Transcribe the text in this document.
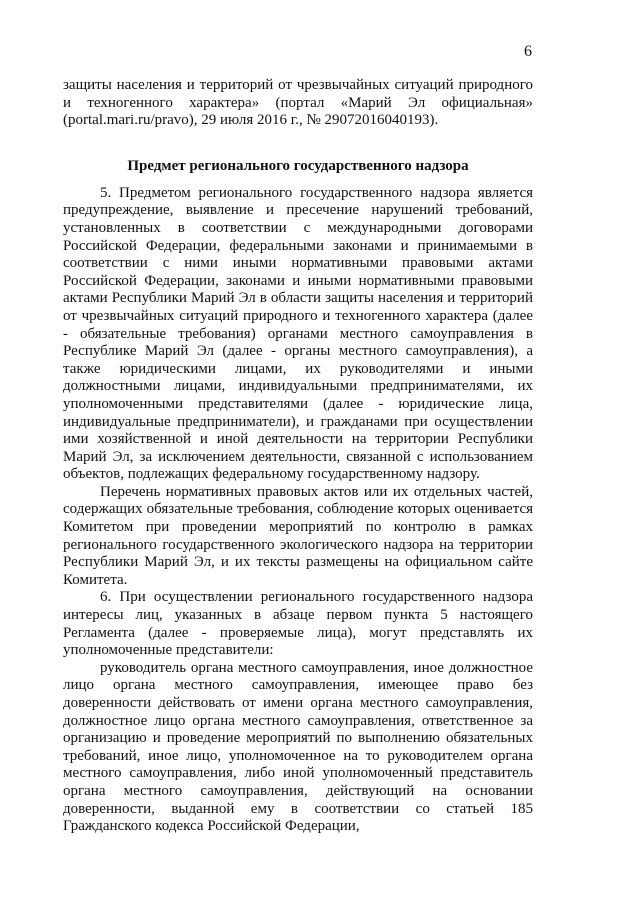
6

защиты населения и территорий от чрезвычайных ситуаций природного и техногенного характера» (портал «Марий Эл официальная» (portal.mari.ru/pravo), 29 июля 2016 г., № 29072016040193).

Предмет регионального государственного надзора

5. Предметом регионального государственного надзора является предупреждение, выявление и пресечение нарушений требований, установленных в соответствии с международными договорами Российской Федерации, федеральными законами и принимаемыми в соответствии с ними иными нормативными правовыми актами Российской Федерации, законами и иными нормативными правовыми актами Республики Марий Эл в области защиты населения и территорий от чрезвычайных ситуаций природного и техногенного характера (далее - обязательные требования) органами местного самоуправления в Республике Марий Эл (далее - органы местного самоуправления), а также юридическими лицами, их руководителями и иными должностными лицами, индивидуальными предпринимателями, их уполномоченными представителями (далее - юридические лица, индивидуальные предприниматели), и гражданами при осуществлении ими хозяйственной и иной деятельности на территории Республики Марий Эл, за исключением деятельности, связанной с использованием объектов, подлежащих федеральному государственному надзору.

Перечень нормативных правовых актов или их отдельных частей, содержащих обязательные требования, соблюдение которых оценивается Комитетом при проведении мероприятий по контролю в рамках регионального государственного экологического надзора на территории Республики Марий Эл, и их тексты размещены на официальном сайте Комитета.

6. При осуществлении регионального государственного надзора интересы лиц, указанных в абзаце первом пункта 5 настоящего Регламента (далее - проверяемые лица), могут представлять их уполномоченные представители:

руководитель органа местного самоуправления, иное должностное лицо органа местного самоуправления, имеющее право без доверенности действовать от имени органа местного самоуправления, должностное лицо органа местного самоуправления, ответственное за организацию и проведение мероприятий по выполнению обязательных требований, иное лицо, уполномоченное на то руководителем органа местного самоуправления, либо иной уполномоченный представитель органа местного самоуправления, действующий на основании доверенности, выданной ему в соответствии со статьей 185 Гражданского кодекса Российской Федерации,
